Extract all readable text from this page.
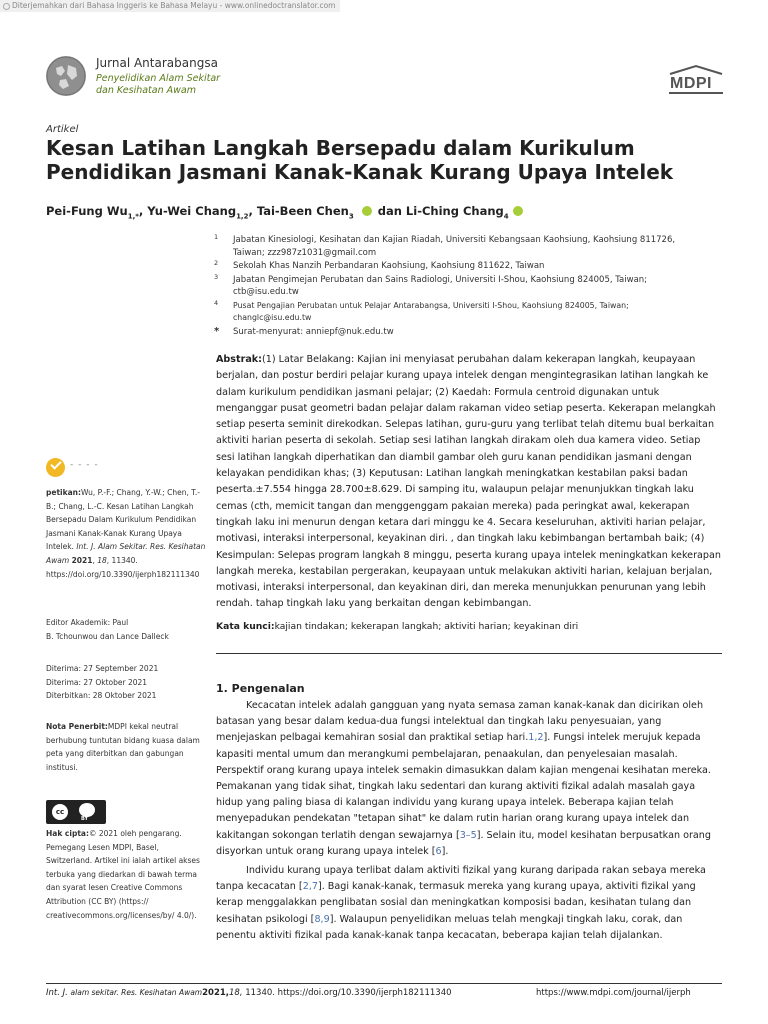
Diterjemahkan dari Bahasa Inggeris ke Bahasa Melayu - www.onlinedoctranslator.com
Jurnal Antarabangsa
Penyelidikan Alam Sekitar
dan Kesihatan Awam	MDPI
Artikel
Kesan Latihan Langkah Bersepadu dalam Kurikulum Pendidikan Jasmani Kanak-Kanak Kurang Upaya Intelek
Pei-Fung $Wu_{1,*}$, Yu-Wei Chang$_{1,2}$, Tai-Been Chen$_3$ dan Li-Ching Chang$_4$
1 Jabatan Kinesiologi, Kesihatan dan Kajian Riadah, Universiti Kebangsaan Kaohsiung, Kaohsiung 811726, Taiwan; zzz987z1031@gmail.com
2 Sekolah Khas Nanzih Perbandaran Kaohsiung, Kaohsiung 811622, Taiwan
3 Jabatan Pengimejan Perubatan dan Sains Radiologi, Universiti I-Shou, Kaohsiung 824005, Taiwan; ctb@isu.edu.tw
4 Pusat Pengajian Perubatan untuk Pelajar Antarabangsa, Universiti I-Shou, Kaohsiung 824005, Taiwan; changlc@isu.edu.tw
* Surat-menyurat: anniepf@nuk.edu.tw
Abstrak:(1) Latar Belakang: Kajian ini menyiasat perubahan dalam kekerapan langkah, keupayaan berjalan, dan postur berdiri pelajar kurang upaya intelek dengan mengintegrasikan latihan langkah ke dalam kurikulum pendidikan jasmani pelajar; (2) Kaedah: Formula centroid digunakan untuk menganggar pusat geometri badan pelajar dalam rakaman video setiap peserta. Kekerapan melangkah setiap peserta seminit direkodkan. Selepas latihan, guru-guru yang terlibat telah ditemu bual berkaitan aktiviti harian peserta di sekolah. Setiap sesi latihan langkah dirakam oleh dua kamera video. Setiap sesi latihan langkah diperhatikan dan diambil gambar oleh guru kanan pendidikan jasmani dengan kelayakan pendidikan khas; (3) Keputusan: Latihan langkah meningkatkan kestabilan paksi badan peserta.±7.554 hingga 28.700±8.629. Di samping itu, walaupun pelajar menunjukkan tingkah laku cemas (cth, memicit tangan dan menggenggam pakaian mereka) pada peringkat awal, kekerapan tingkah laku ini menurun dengan ketara dari minggu ke 4. Secara keseluruhan, aktiviti harian pelajar, motivasi, interaksi interpersonal, keyakinan diri. , dan tingkah laku kebimbangan bertambah baik; (4) Kesimpulan: Selepas program langkah 8 minggu, peserta kurang upaya intelek meningkatkan kekerapan langkah mereka, kestabilan pergerakan, keupayaan untuk melakukan aktiviti harian, kelajuan berjalan, motivasi, interaksi interpersonal, dan keyakinan diri, dan mereka menunjukkan penurunan yang lebih rendah. tahap tingkah laku yang berkaitan dengan kebimbangan.
Kata kunci:kajian tindakan; kekerapan langkah; aktiviti harian; keyakinan diri
- - - -
petikan:Wu, P.-F.; Chang, Y.-W.; Chen, T.-B.; Chang, L.-C. Kesan Latihan Langkah Bersepadu Dalam Kurikulum Pendidikan Jasmani Kanak-Kanak Kurang Upaya Intelek. Int. J. Alam Sekitar. Res. Kesihatan Awam 2021, 18, 11340. https://doi.org/10.3390/ijerph182111340
Editor Akademik: Paul
B. Tchounwou dan Lance Dalleck
Diterima: 27 September 2021
Diterima: 27 Oktober 2021
Diterbitkan: 28 Oktober 2021
Nota Penerbit:MDPI kekal neutral berhubung tuntutan bidang kuasa dalam peta yang diterbitkan dan gabungan institusi.
cc
BY
Hak cipta:© 2021 oleh pengarang. Pemegang Lesen MDPI, Basel, Switzerland. Artikel ini ialah artikel akses terbuka yang diedarkan di bawah terma dan syarat lesen Creative Commons Attribution (CC BY) (https:// creativecommons.org/licenses/by/ 4.0/).
1. Pengenalan
Kecacatan intelek adalah gangguan yang nyata semasa zaman kanak-kanak dan dicirikan oleh batasan yang besar dalam kedua-dua fungsi intelektual dan tingkah laku penyesuaian, yang menjejaskan pelbagai kemahiran sosial dan praktikal setiap hari.1,2]. Fungsi intelek merujuk kepada kapasiti mental umum dan merangkumi pembelajaran, penaakulan, dan penyelesaian masalah. Perspektif orang kurang upaya intelek semakin dimasukkan dalam kajian mengenai kesihatan mereka. Pemakanan yang tidak sihat, tingkah laku sedentari dan kurang aktiviti fizikal adalah masalah gaya hidup yang paling biasa di kalangan individu yang kurang upaya intelek. Beberapa kajian telah menyepadukan pendekatan "tetapan sihat" ke dalam rutin harian orang kurang upaya intelek dan kakitangan sokongan terlatih dengan sewajarnya [3–5]. Selain itu, model kesihatan berpusatkan orang disyorkan untuk orang kurang upaya intelek [6].
Individu kurang upaya terlibat dalam aktiviti fizikal yang kurang daripada rakan sebaya mereka tanpa kecacatan [2,7]. Bagi kanak-kanak, termasuk mereka yang kurang upaya, aktiviti fizikal yang kerap menggalakkan penglibatan sosial dan meningkatkan komposisi badan, kesihatan tulang dan kesihatan psikologi [8,9]. Walaupun penyelidikan meluas telah mengkaji tingkah laku, corak, dan penentu aktiviti fizikal pada kanak-kanak tanpa kecacatan, beberapa kajian telah dijalankan.
Int. J. alam sekitar. Res. Kesihatan Awam2021,18, 11340. https://doi.org/10.3390/ijerph182111340	https://www.mdpi.com/journal/ijerph
